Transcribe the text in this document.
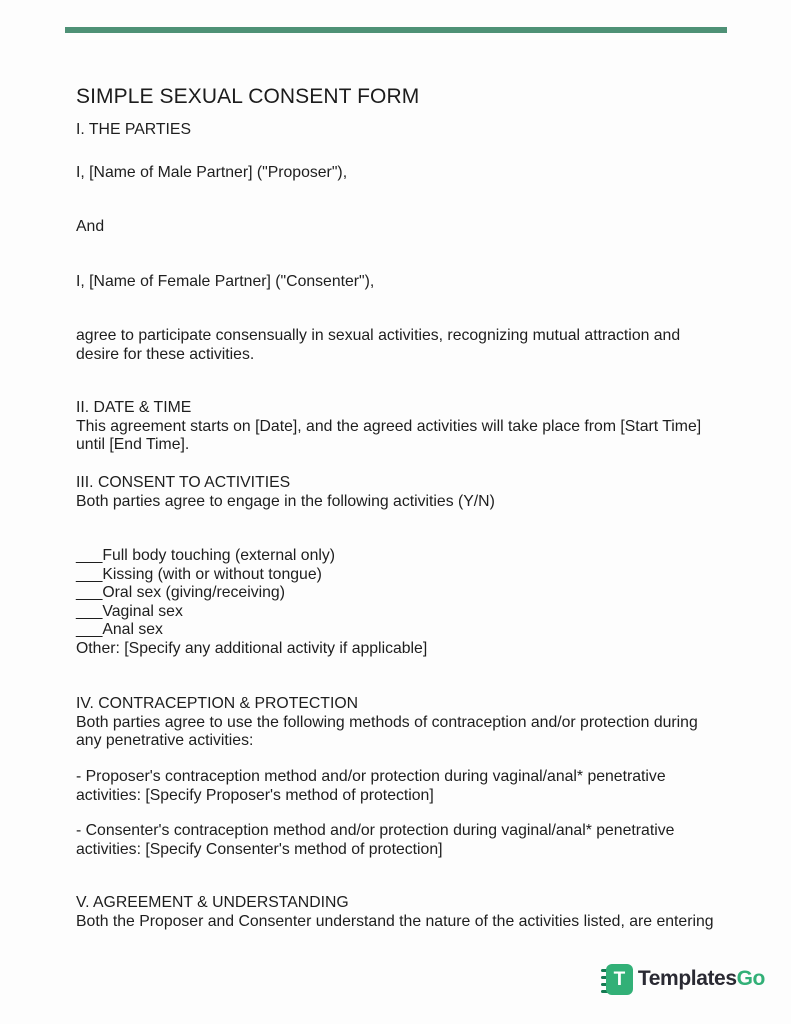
SIMPLE SEXUAL CONSENT FORM
I. THE PARTIES
I, [Name of Male Partner] ("Proposer"),
And
I, [Name of Female Partner] ("Consenter"),
agree to participate consensually in sexual activities, recognizing mutual attraction and
desire for these activities.
II. DATE & TIME
This agreement starts on [Date], and the agreed activities will take place from [Start Time]
until [End Time].
III. CONSENT TO ACTIVITIES
Both parties agree to engage in the following activities (Y/N)
___Full body touching (external only)
___Kissing (with or without tongue)
___Oral sex (giving/receiving)
___Vaginal sex
___Anal sex
Other: [Specify any additional activity if applicable]
IV. CONTRACEPTION & PROTECTION
Both parties agree to use the following methods of contraception and/or protection during
any penetrative activities:
- Proposer's contraception method and/or protection during vaginal/anal* penetrative
activities: [Specify Proposer's method of protection]
- Consenter's contraception method and/or protection during vaginal/anal* penetrative
activities: [Specify Consenter's method of protection]
V. AGREEMENT & UNDERSTANDING
Both the Proposer and Consenter understand the nature of the activities listed, are entering
T TemplatesGo
